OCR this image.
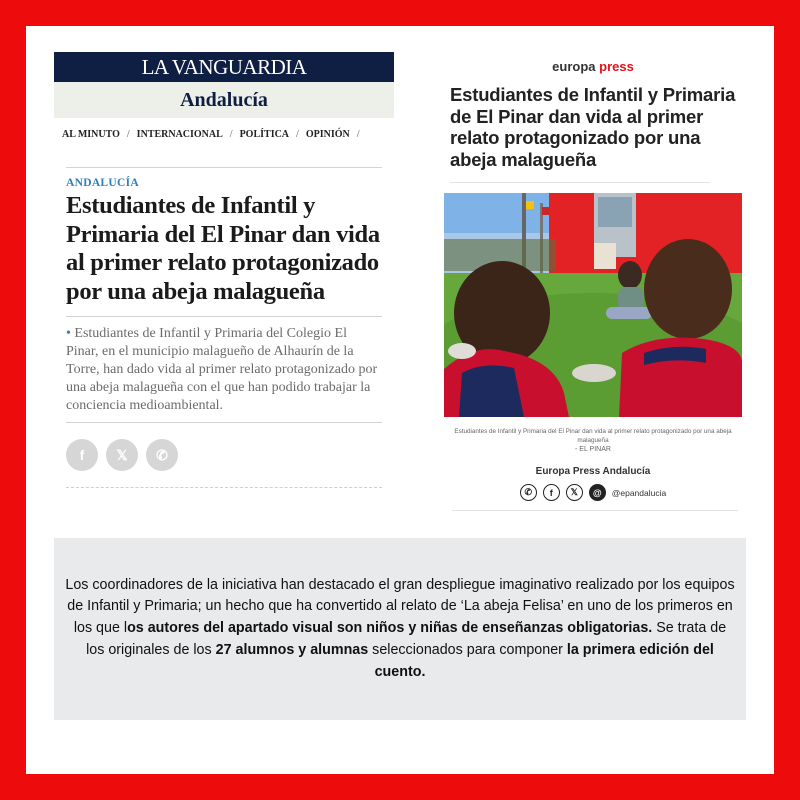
LA VANGUARDIA
Andalucía
AL MINUTO / INTERNACIONAL / POLÍTICA / OPINIÓN /
ANDALUCÍA
Estudiantes de Infantil y Primaria del El Pinar dan vida al primer relato protagonizado por una abeja malagueña

• Estudiantes de Infantil y Primaria del Colegio El Pinar, en el municipio malagueño de Alhaurín de la Torre, han dado vida al primer relato protagonizado por una abeja malagueña con el que han podido trabajar la conciencia medioambiental.

f 𝕏 ✆
europa press
Estudiantes de Infantil y Primaria de El Pinar dan vida al primer relato protagonizado por una abeja malagueña
Estudiantes de Infantil y Primaria del El Pinar dan vida al primer relato protagonizado por una abeja malagueña
- EL PINAR
Europa Press Andalucía
✆ f 𝕏 @ @epandalucia

Los coordinadores de la iniciativa han destacado el gran despliegue imaginativo realizado por los equipos de Infantil y Primaria; un hecho que ha convertido al relato de ‘La abeja Felisa’ en uno de los primeros en los que los autores del apartado visual son niños y niñas de enseñanzas obligatorias. Se trata de los originales de los 27 alumnos y alumnas seleccionados para componer la primera edición del cuento.
